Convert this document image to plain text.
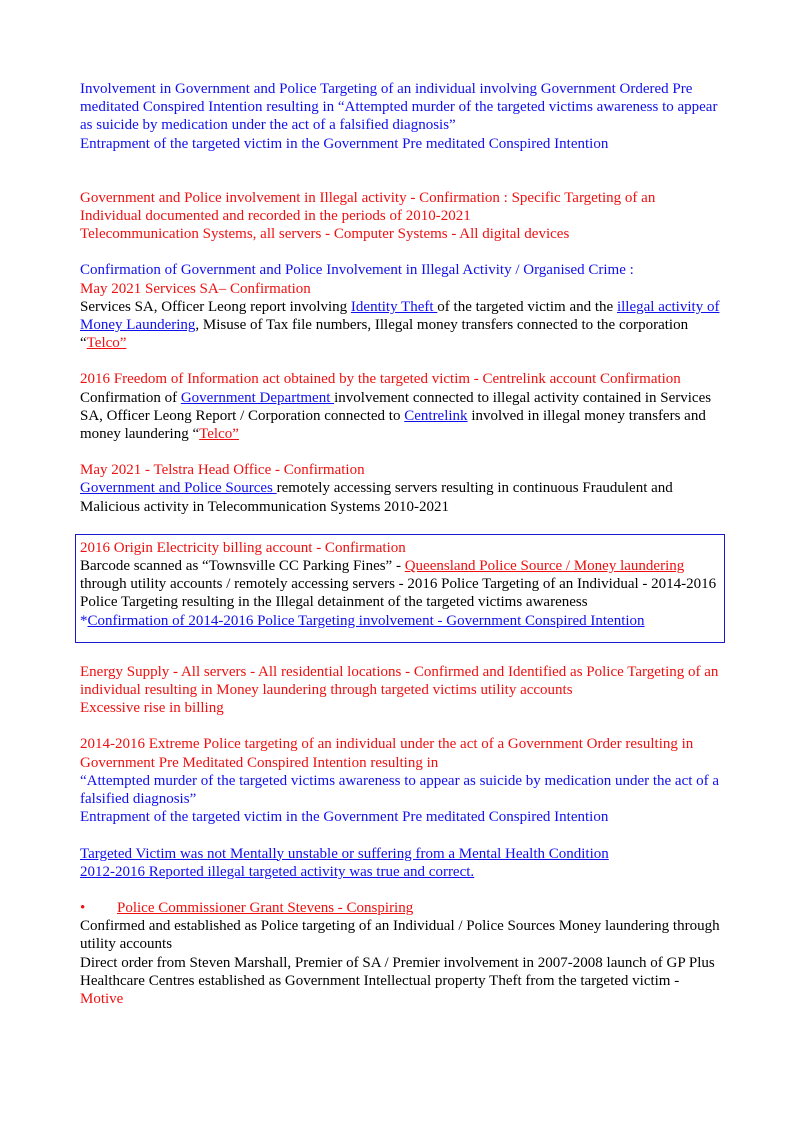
Involvement in Government and Police Targeting of an individual involving Government Ordered Pre meditated Conspired Intention resulting in “Attempted murder of the targeted victims awareness to appear as suicide by medication under the act of a falsified diagnosis”

Entrapment of the targeted victim in the Government Pre meditated Conspired Intention

Government and Police involvement in Illegal activity - Confirmation : Specific Targeting of an Individual documented and recorded in the periods of 2010-2021

Telecommunication Systems, all servers - Computer Systems - All digital devices

Confirmation of Government and Police Involvement in Illegal Activity / Organised Crime :

May 2021 Services SA– Confirmation

Services SA, Officer Leong report involving Identity Theft of the targeted victim and the illegal activity of Money Laundering, Misuse of Tax file numbers, Illegal money transfers connected to the corporation “Telco”

2016 Freedom of Information act obtained by the targeted victim - Centrelink account Confirmation

Confirmation of Government Department involvement connected to illegal activity contained in Services SA, Officer Leong Report / Corporation connected to Centrelink involved in illegal money transfers and money laundering “Telco”

May 2021 - Telstra Head Office - Confirmation

Government and Police Sources remotely accessing servers resulting in continuous Fraudulent and Malicious activity in Telecommunication Systems 2010-2021

2016 Origin Electricity billing account - Confirmation

Barcode scanned as “Townsville CC Parking Fines” - Queensland Police Source / Money laundering through utility accounts / remotely accessing servers - 2016 Police Targeting of an Individual - 2014-2016 Police Targeting resulting in the Illegal detainment of the targeted victims awareness

*Confirmation of 2014-2016 Police Targeting involvement - Government Conspired Intention

Energy Supply - All servers - All residential locations - Confirmed and Identified as Police Targeting of an individual resulting in Money laundering through targeted victims utility accounts

Excessive rise in billing

2014-2016 Extreme Police targeting of an individual under the act of a Government Order resulting in Government Pre Meditated Conspired Intention resulting in

“Attempted murder of the targeted victims awareness to appear as suicide by medication under the act of a falsified diagnosis”

Entrapment of the targeted victim in the Government Pre meditated Conspired Intention

Targeted Victim was not Mentally unstable or suffering from a Mental Health Condition

2012-2016 Reported illegal targeted activity was true and correct.

• Police Commissioner Grant Stevens - Conspiring

Confirmed and established as Police targeting of an Individual / Police Sources Money laundering through utility accounts

Direct order from Steven Marshall, Premier of SA / Premier involvement in 2007-2008 launch of GP Plus Healthcare Centres established as Government Intellectual property Theft from the targeted victim - Motive
